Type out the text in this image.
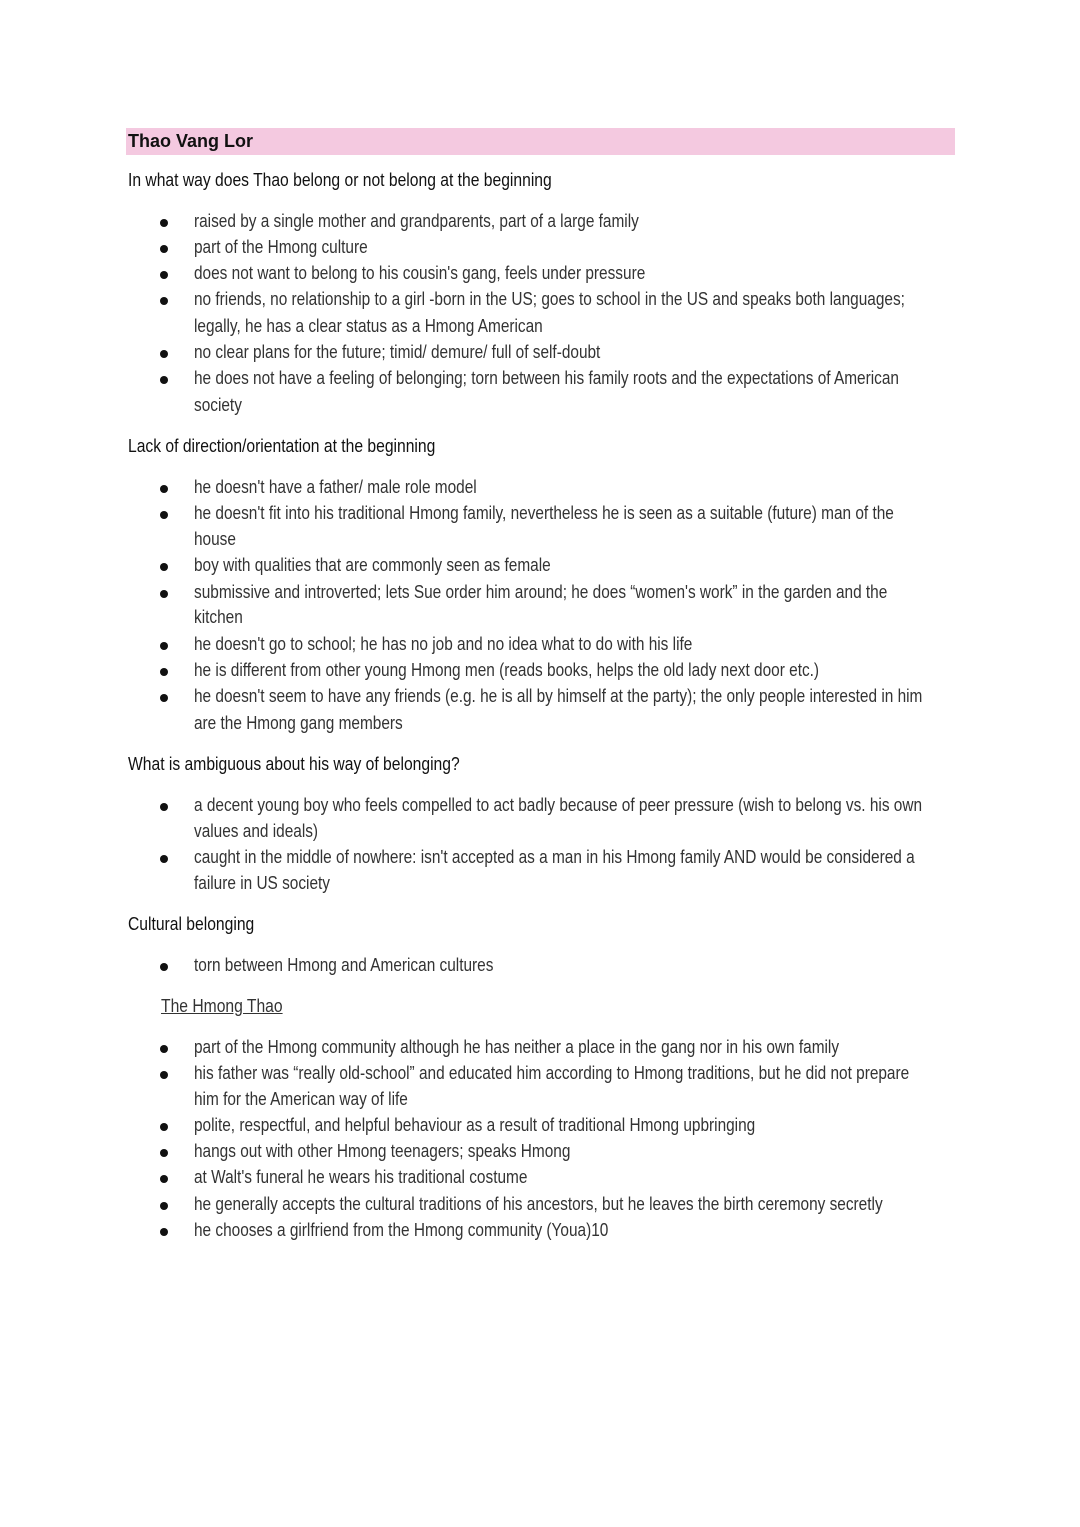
Thao Vang Lor
In what way does Thao belong or not belong at the beginning
raised by a single mother and grandparents, part of a large family
part of the Hmong culture
does not want to belong to his cousin's gang, feels under pressure
no friends, no relationship to a girl -born in the US; goes to school in the US and speaks both languages;
legally, he has a clear status as a Hmong American
no clear plans for the future; timid/ demure/ full of self-doubt
he does not have a feeling of belonging; torn between his family roots and the expectations of American
society
Lack of direction/orientation at the beginning
he doesn't have a father/ male role model
he doesn't fit into his traditional Hmong family, nevertheless he is seen as a suitable (future) man of the
house
boy with qualities that are commonly seen as female
submissive and introverted; lets Sue order him around; he does “women's work” in the garden and the
kitchen
he doesn't go to school; he has no job and no idea what to do with his life
he is different from other young Hmong men (reads books, helps the old lady next door etc.)
he doesn't seem to have any friends (e.g. he is all by himself at the party); the only people interested in him
are the Hmong gang members
What is ambiguous about his way of belonging?
a decent young boy who feels compelled to act badly because of peer pressure (wish to belong vs. his own
values and ideals)
caught in the middle of nowhere: isn't accepted as a man in his Hmong family AND would be considered a
failure in US society
Cultural belonging
torn between Hmong and American cultures
The Hmong Thao
part of the Hmong community although he has neither a place in the gang nor in his own family
his father was “really old-school” and educated him according to Hmong traditions, but he did not prepare
him for the American way of life
polite, respectful, and helpful behaviour as a result of traditional Hmong upbringing
hangs out with other Hmong teenagers; speaks Hmong
at Walt's funeral he wears his traditional costume
he generally accepts the cultural traditions of his ancestors, but he leaves the birth ceremony secretly
he chooses a girlfriend from the Hmong community (Youa)10
